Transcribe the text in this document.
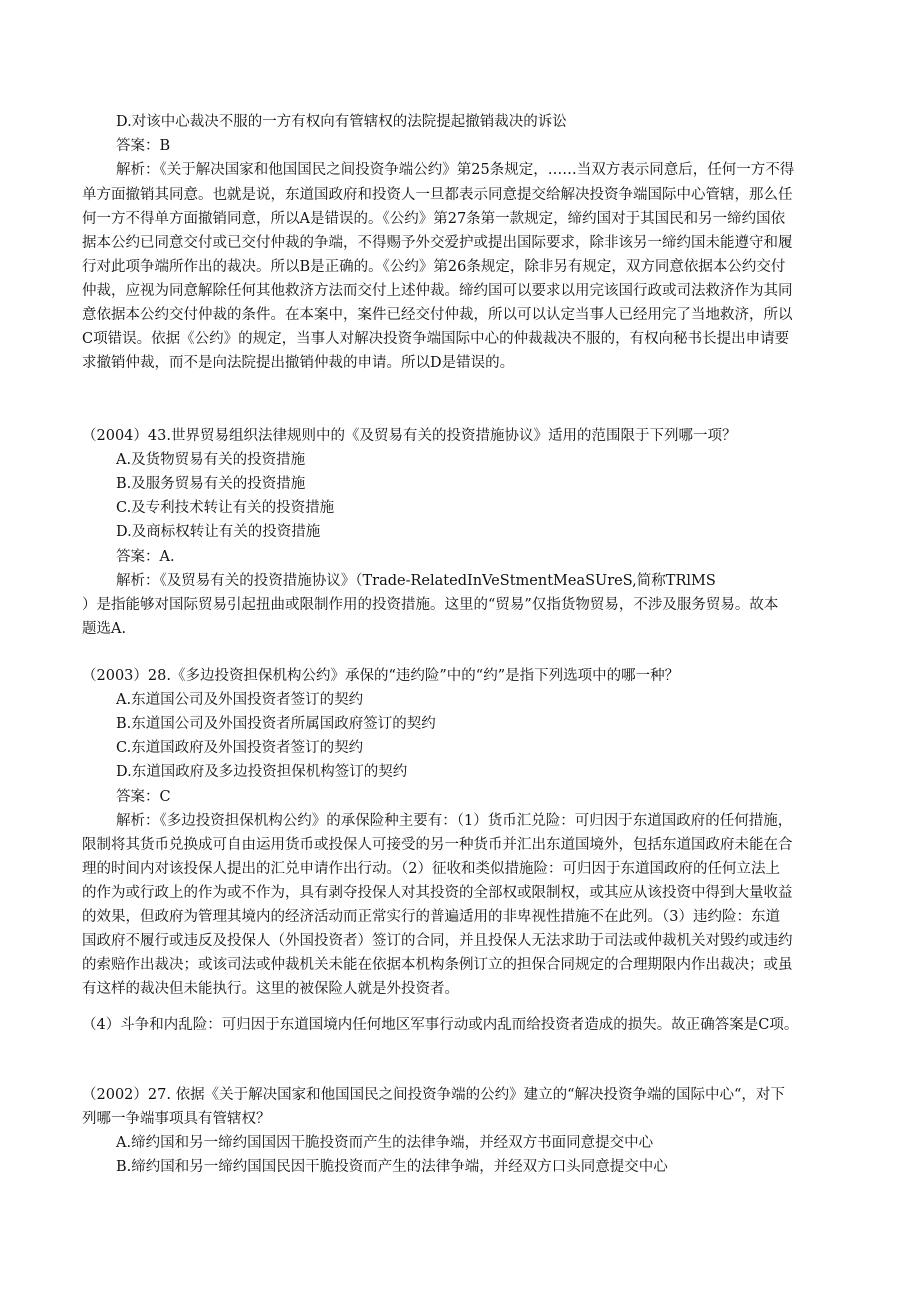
D.对该中心裁决不服的一方有权向有管辖权的法院提起撤销裁决的诉讼
答案：B
解析：《关于解决国家和他国国民之间投资争端公约》第25条规定，……当双方表示同意后，任何一方不得
单方面撤销其同意。也就是说，东道国政府和投资人一旦都表示同意提交给解决投资争端国际中心管辖，那么任
何一方不得单方面撤销同意，所以A是错误的。《公约》第27条第一款规定，缔约国对于其国民和另一缔约国依
据本公约已同意交付或已交付仲裁的争端，不得赐予外交爱护或提出国际要求，除非该另一缔约国未能遵守和履
行对此项争端所作出的裁决。所以B是正确的。《公约》第26条规定，除非另有规定，双方同意依据本公约交付
仲裁，应视为同意解除任何其他救济方法而交付上述仲裁。缔约国可以要求以用完该国行政或司法救济作为其同
意依据本公约交付仲裁的条件。在本案中，案件已经交付仲裁，所以可以认定当事人已经用完了当地救济，所以
C项错误。依据《公约》的规定，当事人对解决投资争端国际中心的仲裁裁决不服的，有权向秘书长提出申请要
求撤销仲裁，而不是向法院提出撤销仲裁的申请。所以D是错误的。
（2004）43.世界贸易组织法律规则中的《及贸易有关的投资措施协议》适用的范围限于下列哪一项？
A.及货物贸易有关的投资措施
B.及服务贸易有关的投资措施
C.及专利技术转让有关的投资措施
D.及商标权转让有关的投资措施
答案：A.
解析：《及贸易有关的投资措施协议》（Trade-RelatedInVeStmentMeaSUreS,简称TRlMS
）是指能够对国际贸易引起扭曲或限制作用的投资措施。这里的“贸易”仅指货物贸易，不涉及服务贸易。故本
题选A.
（2003）28.《多边投资担保机构公约》承保的“违约险”中的“约”是指下列选项中的哪一种？
A.东道国公司及外国投资者签订的契约
B.东道国公司及外国投资者所属国政府签订的契约
C.东道国政府及外国投资者签订的契约
D.东道国政府及多边投资担保机构签订的契约
答案：C
解析：《多边投资担保机构公约》的承保险种主要有：（1）货币汇兑险：可归因于东道国政府的任何措施，
限制将其货币兑换成可自由运用货币或投保人可接受的另一种货币并汇出东道国境外，包括东道国政府未能在合
理的时间内对该投保人提出的汇兑申请作出行动。（2）征收和类似措施险：可归因于东道国政府的任何立法上
的作为或行政上的作为或不作为，具有剥夺投保人对其投资的全部权或限制权，或其应从该投资中得到大量收益
的效果，但政府为管理其境内的经济活动而正常实行的普遍适用的非卑视性措施不在此列。（3）违约险：东道
国政府不履行或违反及投保人（外国投资者）签订的合同，并且投保人无法求助于司法或仲裁机关对毁约或违约
的索赔作出裁决；或该司法或仲裁机关未能在依据本机构条例订立的担保合同规定的合理期限内作出裁决；或虽
有这样的裁决但未能执行。这里的被保险人就是外投资者。
（4）斗争和内乱险：可归因于东道国境内任何地区军事行动或内乱而给投资者造成的损失。故正确答案是C项。
（2002）27. 依据《关于解决国家和他国国民之间投资争端的公约》建立的“解决投资争端的国际中心“，对下
列哪一争端事项具有管辖权？
A.缔约国和另一缔约国国因干脆投资而产生的法律争端，并经双方书面同意提交中心
B.缔约国和另一缔约国国民因干脆投资而产生的法律争端，并经双方口头同意提交中心
